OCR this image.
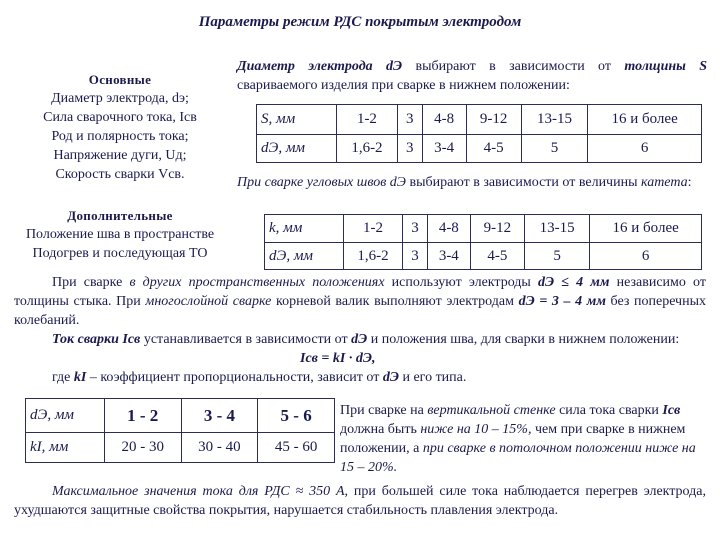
Параметры режим РДС покрытым электродом
Основные
Диаметр электрода, dэ;
Сила сварочного тока, Iсв
Род и полярность тока;
Напряжение дуги, Uд;
Скорость сварки Vсв.
Дополнительные
Положение шва в пространстве
Подогрев и последующая ТО
Диаметр электрода dЭ выбирают в зависимости от толщины S свариваемого изделия при сварке в нижнем положении:
S, мм	1-2	3	4-8	9-12	13-15	16 и более
dЭ, мм	1,6-2	3	3-4	4-5	5	6
При сварке угловых швов dЭ выбирают в зависимости от величины катета:
k, мм	1-2	3	4-8	9-12	13-15	16 и более
dЭ, мм	1,6-2	3	3-4	4-5	5	6
При сварке в других пространственных положениях используют электроды dЭ ≤ 4 мм независимо от толщины стыка. При многослойной сварке корневой валик выполняют электродам dЭ = 3 – 4 мм без поперечных колебаний.
Ток сварки Iсв устанавливается в зависимости от dЭ и положения шва, для сварки в нижнем положении:
Iсв = kI · dЭ,
где kI – коэффициент пропорциональности, зависит от dЭ и его типа.
dЭ, мм	1 - 2	3 - 4	5 - 6
kI, мм	20 - 30	30 - 40	45 - 60
При сварке на вертикальной стенке сила тока сварки Iсв должна быть ниже на 10 – 15%, чем при сварке в нижнем положении, а при сварке в потолочном положении ниже на 15 – 20%.
Максимальное значения тока для РДС ≈ 350 А, при большей силе тока наблюдается перегрев электрода, ухудшаются защитные свойства покрытия, нарушается стабильность плавления электрода.
